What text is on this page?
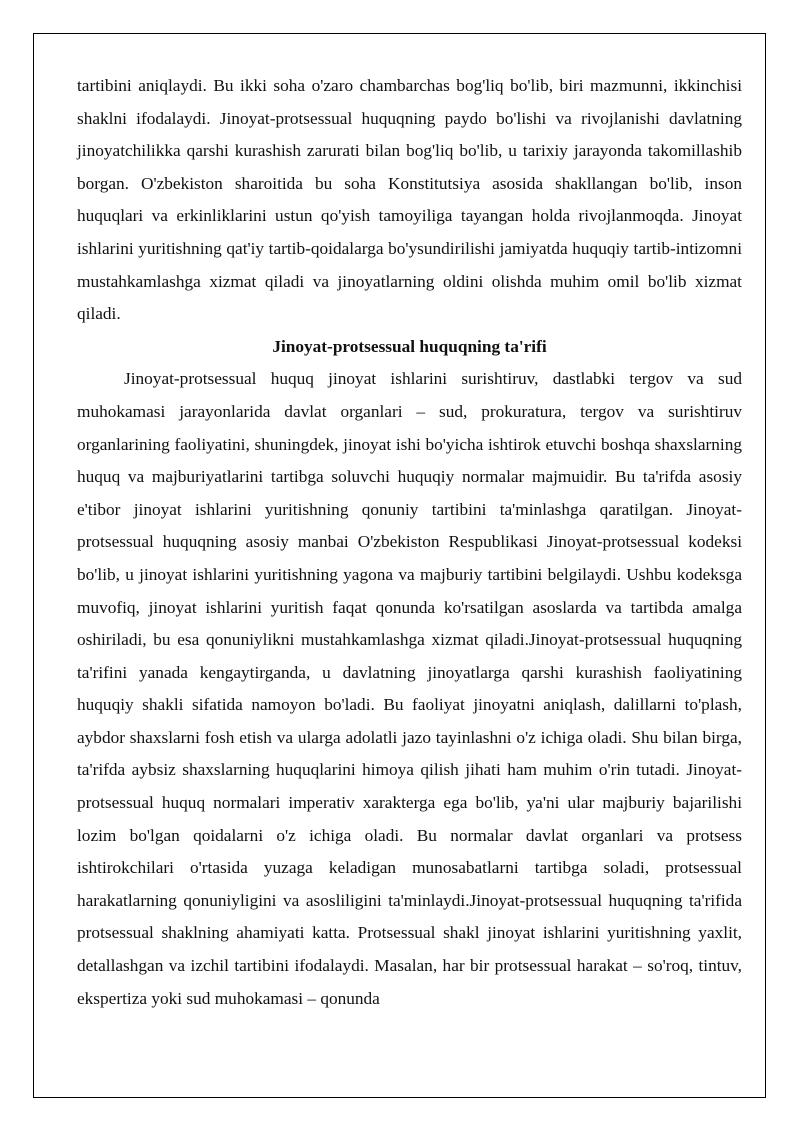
tartibini aniqlaydi. Bu ikki soha o'zaro chambarchas bog'liq bo'lib, biri mazmunni, ikkinchisi shaklni ifodalaydi. Jinoyat-protsessual huquqning paydo bo'lishi va rivojlanishi davlatning jinoyatchilikka qarshi kurashish zarurati bilan bog'liq bo'lib, u tarixiy jarayonda takomillashib borgan. O'zbekiston sharoitida bu soha Konstitutsiya asosida shakllangan bo'lib, inson huquqlari va erkinliklarini ustun qo'yish tamoyiliga tayangan holda rivojlanmoqda. Jinoyat ishlarini yuritishning qat'iy tartib-qoidalarga bo'ysundirilishi jamiyatda huquqiy tartib-intizomni mustahkamlashga xizmat qiladi va jinoyatlarning oldini olishda muhim omil bo'lib xizmat qiladi.

Jinoyat-protsessual huquqning ta'rifi

Jinoyat-protsessual huquq jinoyat ishlarini surishtiruv, dastlabki tergov va sud muhokamasi jarayonlarida davlat organlari – sud, prokuratura, tergov va surishtiruv organlarining faoliyatini, shuningdek, jinoyat ishi bo'yicha ishtirok etuvchi boshqa shaxslarning huquq va majburiyatlarini tartibga soluvchi huquqiy normalar majmuidir. Bu ta'rifda asosiy e'tibor jinoyat ishlarini yuritishning qonuniy tartibini ta'minlashga qaratilgan. Jinoyat-protsessual huquqning asosiy manbai O'zbekiston Respublikasi Jinoyat-protsessual kodeksi bo'lib, u jinoyat ishlarini yuritishning yagona va majburiy tartibini belgilaydi. Ushbu kodeksga muvofiq, jinoyat ishlarini yuritish faqat qonunda ko'rsatilgan asoslarda va tartibda amalga oshiriladi, bu esa qonuniylikni mustahkamlashga xizmat qiladi.Jinoyat-protsessual huquqning ta'rifini yanada kengaytirganda, u davlatning jinoyatlarga qarshi kurashish faoliyatining huquqiy shakli sifatida namoyon bo'ladi. Bu faoliyat jinoyatni aniqlash, dalillarni to'plash, aybdor shaxslarni fosh etish va ularga adolatli jazo tayinlashni o'z ichiga oladi. Shu bilan birga, ta'rifda aybsiz shaxslarning huquqlarini himoya qilish jihati ham muhim o'rin tutadi. Jinoyat-protsessual huquq normalari imperativ xarakterga ega bo'lib, ya'ni ular majburiy bajarilishi lozim bo'lgan qoidalarni o'z ichiga oladi. Bu normalar davlat organlari va protsess ishtirokchilari o'rtasida yuzaga keladigan munosabatlarni tartibga soladi, protsessual harakatlarning qonuniyligini va asosliligini ta'minlaydi.Jinoyat-protsessual huquqning ta'rifida protsessual shaklning ahamiyati katta. Protsessual shakl jinoyat ishlarini yuritishning yaxlit, detallashgan va izchil tartibini ifodalaydi. Masalan, har bir protsessual harakat – so'roq, tintuv, ekspertiza yoki sud muhokamasi – qonunda
